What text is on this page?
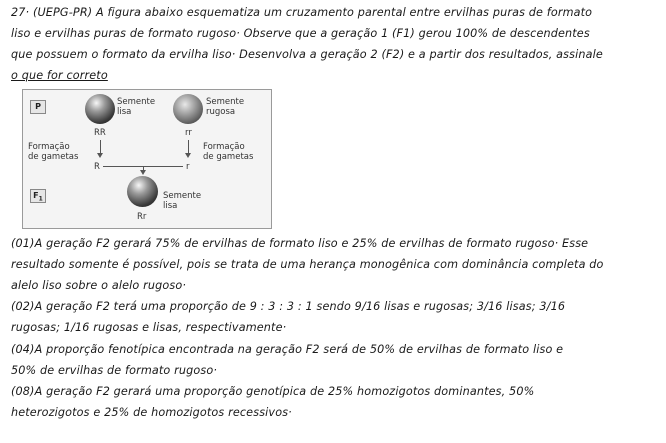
27· (UEPG-PR) A figura abaixo esquematiza um cruzamento parental entre ervilhas puras de formato
liso e ervilhas puras de formato rugoso· Observe que a geração 1 (F1) gerou 100% de descendentes
que possuem o formato da ervilha liso· Desenvolva a geração 2 (F2) e a partir dos resultados, assinale
o que for correto
P	Semente
lisa
Semente
rugosa
RR	rr
Formação
de gametas
Formação
de gametas
R	r
$F_1$	Semente
lisa
Rr
(01)A geração F2 gerará 75% de ervilhas de formato liso e 25% de ervilhas de formato rugoso· Esse
resultado somente é possível, pois se trata de uma herança monogênica com dominância completa do
alelo liso sobre o alelo rugoso·
(02)A geração F2 terá uma proporção de 9 : 3 : 3 : 1 sendo 9/16 lisas e rugosas; 3/16 lisas; 3/16
rugosas; 1/16 rugosas e lisas, respectivamente·
(04)A proporção fenotípica encontrada na geração F2 será de 50% de ervilhas de formato liso e
50% de ervilhas de formato rugoso·
(08)A geração F2 gerará uma proporção genotípica de 25% homozigotos dominantes, 50%
heterozigotos e 25% de homozigotos recessivos·
